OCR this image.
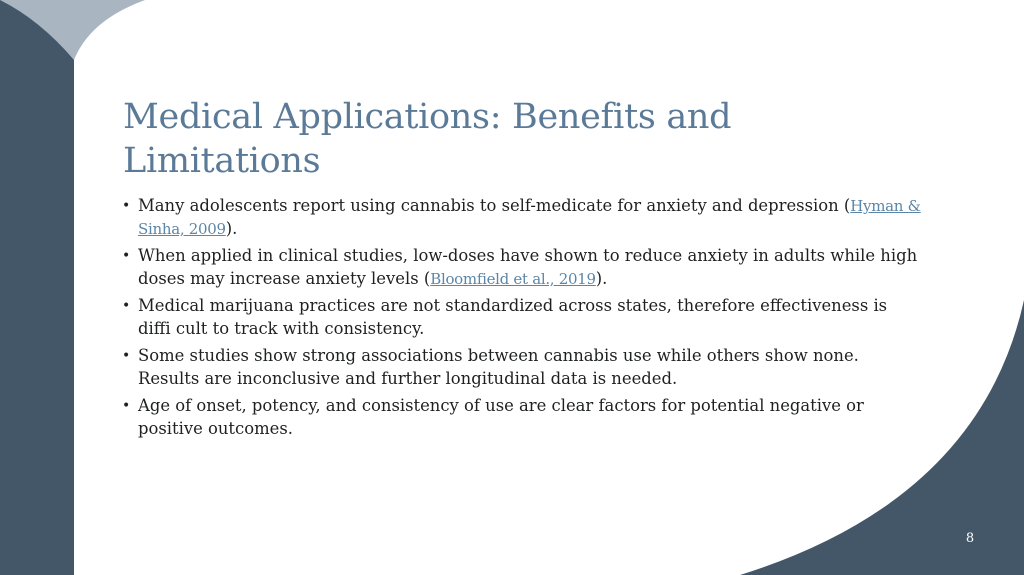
Medical Applications: Benefits and
Limitations
• Many adolescents report using cannabis to self-medicate for anxiety and depression (Hyman & Sinha, 2009).
• When applied in clinical studies, low-doses have shown to reduce anxiety in adults while high doses may increase anxiety levels (Bloomfield et al., 2019).
• Medical marijuana practices are not standardized across states, therefore effectiveness is diffi cult to track with consistency.
• Some studies show strong associations between cannabis use while others show none. Results are inconclusive and further longitudinal data is needed.
• Age of onset, potency, and consistency of use are clear factors for potential negative or positive outcomes.
8
